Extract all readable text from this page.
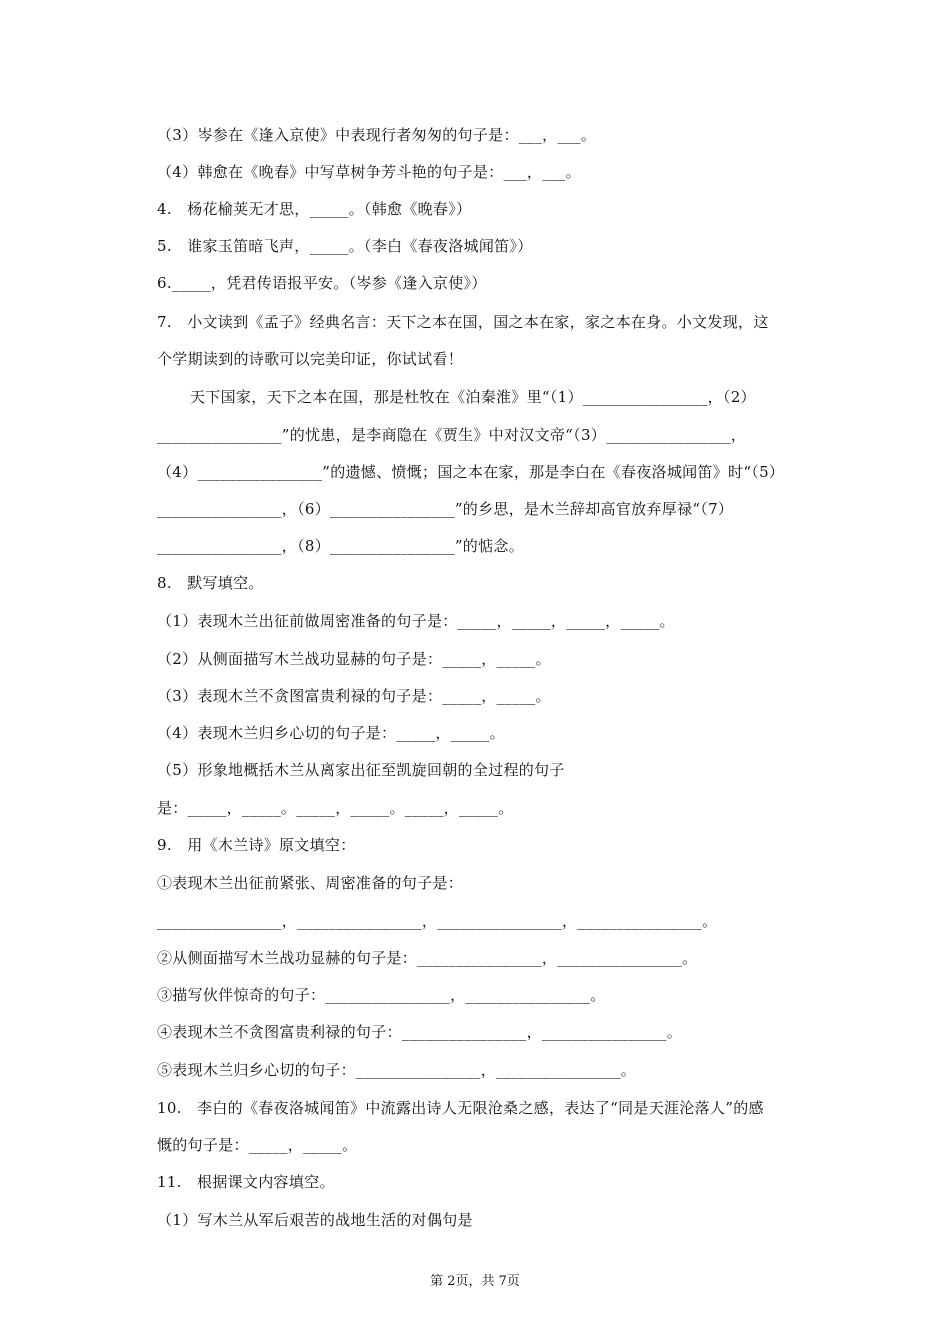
（3）岑参在《逢入京使》中表现行者匆匆的句子是：___，___。
（4）韩愈在《晚春》中写草树争芳斗艳的句子是：___，___。
4.　杨花榆荚无才思，_____。（韩愈《晚春》）
5.　谁家玉笛暗飞声，_____。（李白《春夜洛城闻笛》）
6._____，凭君传语报平安。（岑参《逢入京使》）
7.　小文读到《孟子》经典名言：天下之本在国，国之本在家，家之本在身。小文发现，这
个学期读到的诗歌可以完美印证，你试试看！
天下国家，天下之本在国，那是杜牧在《泊秦淮》里“（1）________________，（2）
________________”的忧患，是李商隐在《贾生》中对汉文帝“（3）________________，
（4）________________”的遗憾、愤慨；国之本在家，那是李白在《春夜洛城闻笛》时“（5）
________________，（6）________________”的乡思，是木兰辞却高官放弃厚禄“（7）
________________，（8）________________”的惦念。
8.　默写填空。
（1）表现木兰出征前做周密准备的句子是：_____，_____，_____，_____。
（2）从侧面描写木兰战功显赫的句子是：_____，_____。
（3）表现木兰不贪图富贵利禄的句子是：_____，_____。
（4）表现木兰归乡心切的句子是：_____，_____。
（5）形象地概括木兰从离家出征至凯旋回朝的全过程的句子
是：_____，_____。_____，_____。_____，_____。
9.　用《木兰诗》原文填空：
①表现木兰出征前紧张、周密准备的句子是：
________________，________________，________________，________________。
②从侧面描写木兰战功显赫的句子是：________________，________________。
③描写伙伴惊奇的句子：________________，________________。
④表现木兰不贪图富贵利禄的句子：________________，________________。
⑤表现木兰归乡心切的句子：________________，________________。
10.　李白的《春夜洛城闻笛》中流露出诗人无限沧桑之感，表达了“同是天涯沦落人”的感
慨的句子是：_____，_____。
11.　根据课文内容填空。
（1）写木兰从军后艰苦的战地生活的对偶句是
第 2页，共 7页
